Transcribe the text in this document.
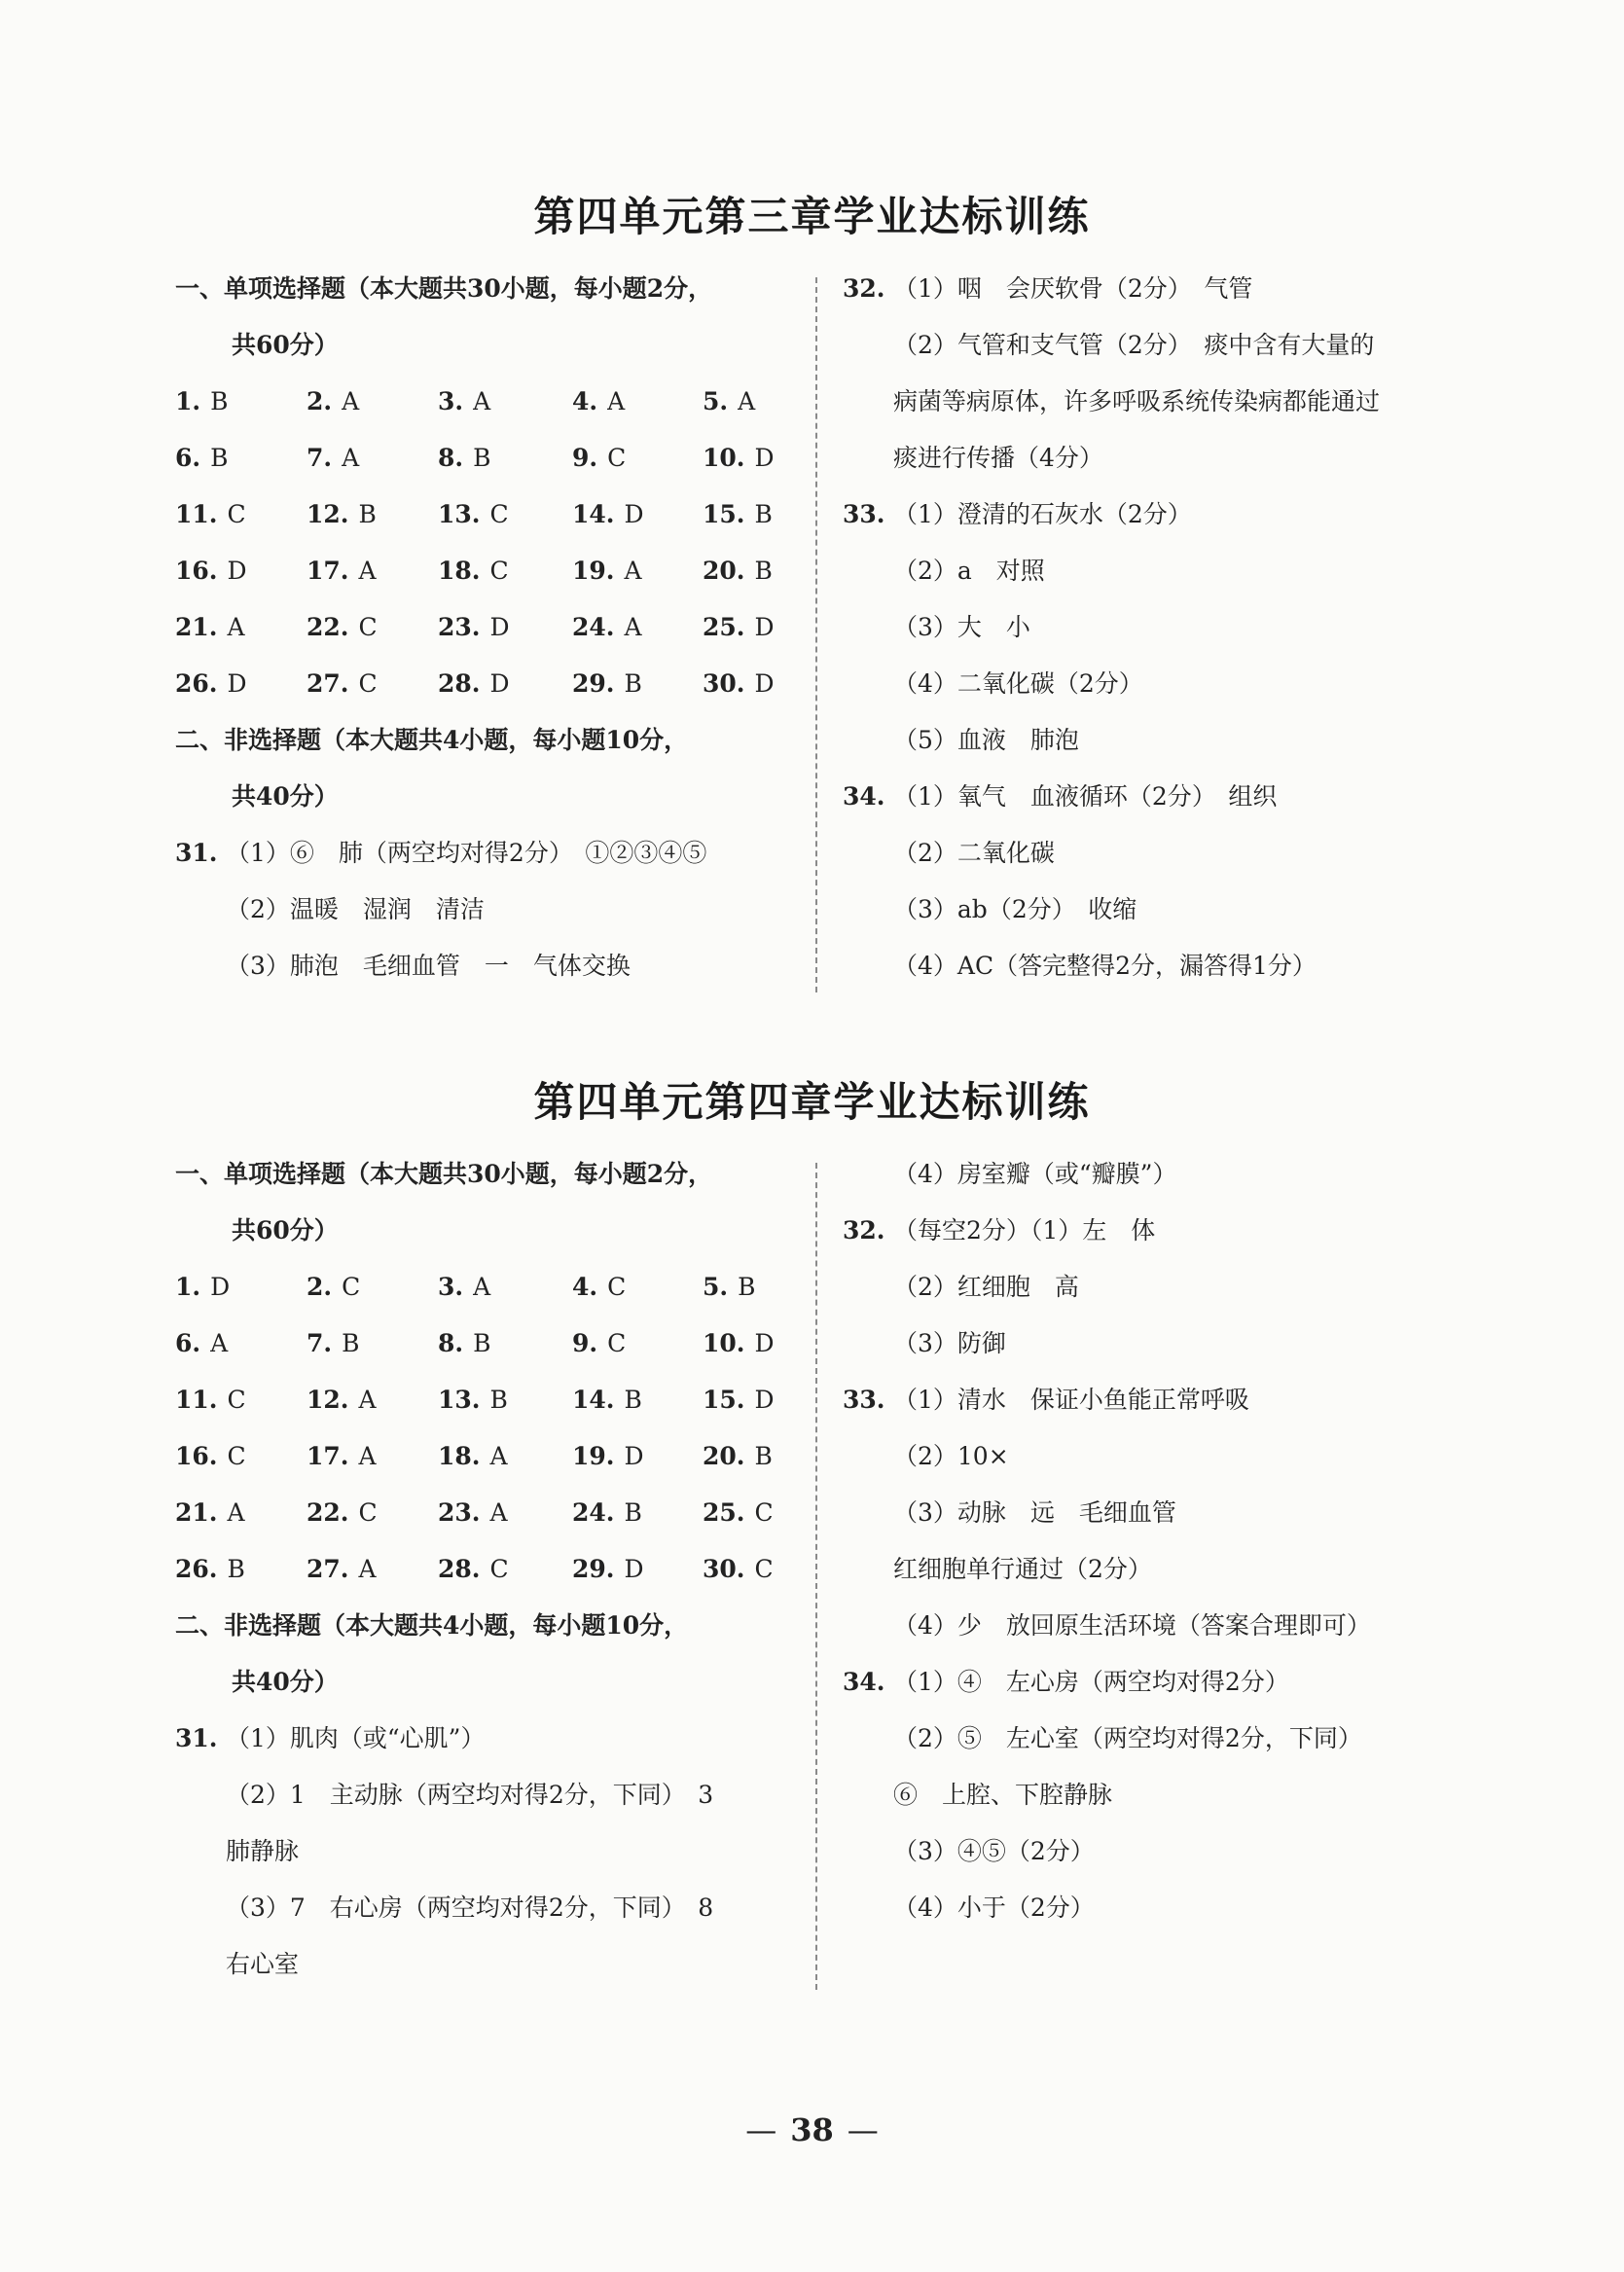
第四单元第三章学业达标训练
一、单项选择题（本大题共30小题，每小题2分，
共60分）
1. B	2. A	3. A	4. A	5. A
6. B	7. A	8. B	9. C	10. D
11. C 12. B	13. C	14. D 15. B
16. D 17. A	18. C	19. A 20. B
21. A	22. C 23. D	24. A 25. D
26. D 27. C 28. D	29. B 30. D
二、非选择题（本大题共4小题，每小题10分，
共40分）
31. （1）⑥　肺（两空均对得2分）　①②③④⑤
（2）温暖　湿润　清洁
（3）肺泡　毛细血管　一　气体交换
32. （1）咽　会厌软骨（2分）　气管
（2）气管和支气管（2分）　痰中含有大量的
病菌等病原体，许多呼吸系统传染病都能通过
痰进行传播（4分）
33. （1）澄清的石灰水（2分）
（2）a　对照
（3）大　小
（4）二氧化碳（2分）
（5）血液　肺泡
34. （1）氧气　血液循环（2分）　组织
（2）二氧化碳
（3）ab（2分）　收缩
（4）AC（答完整得2分，漏答得1分）
第四单元第四章学业达标训练
一、单项选择题（本大题共30小题，每小题2分，
共60分）
1. D	2. C	3. A	4. C	5. B
6. A	7. B	8. B	9. C	10. D
11. C 12. A	13. B	14. B 15. D
16. C 17. A	18. A	19. D 20. B
21. A	22. C 23. A	24. B 25. C
26. B	27. A	28. C	29. D 30. C
二、非选择题（本大题共4小题，每小题10分，
共40分）
31. （1）肌肉（或“心肌”）
（2）1　主动脉（两空均对得2分，下同）　3
肺静脉
（3）7　右心房（两空均对得2分，下同）　8
右心室
（4）房室瓣（或“瓣膜”）
32. （每空2分）（1）左　体
（2）红细胞　高
（3）防御
33. （1）清水　保证小鱼能正常呼吸
（2）10×
（3）动脉　远　毛细血管
红细胞单行通过（2分）
（4）少　放回原生活环境（答案合理即可）
34. （1）④　左心房（两空均对得2分）
（2）⑤　左心室（两空均对得2分，下同）
⑥　上腔、下腔静脉
（3）④⑤（2分）
（4）小于（2分）
— 38 —
